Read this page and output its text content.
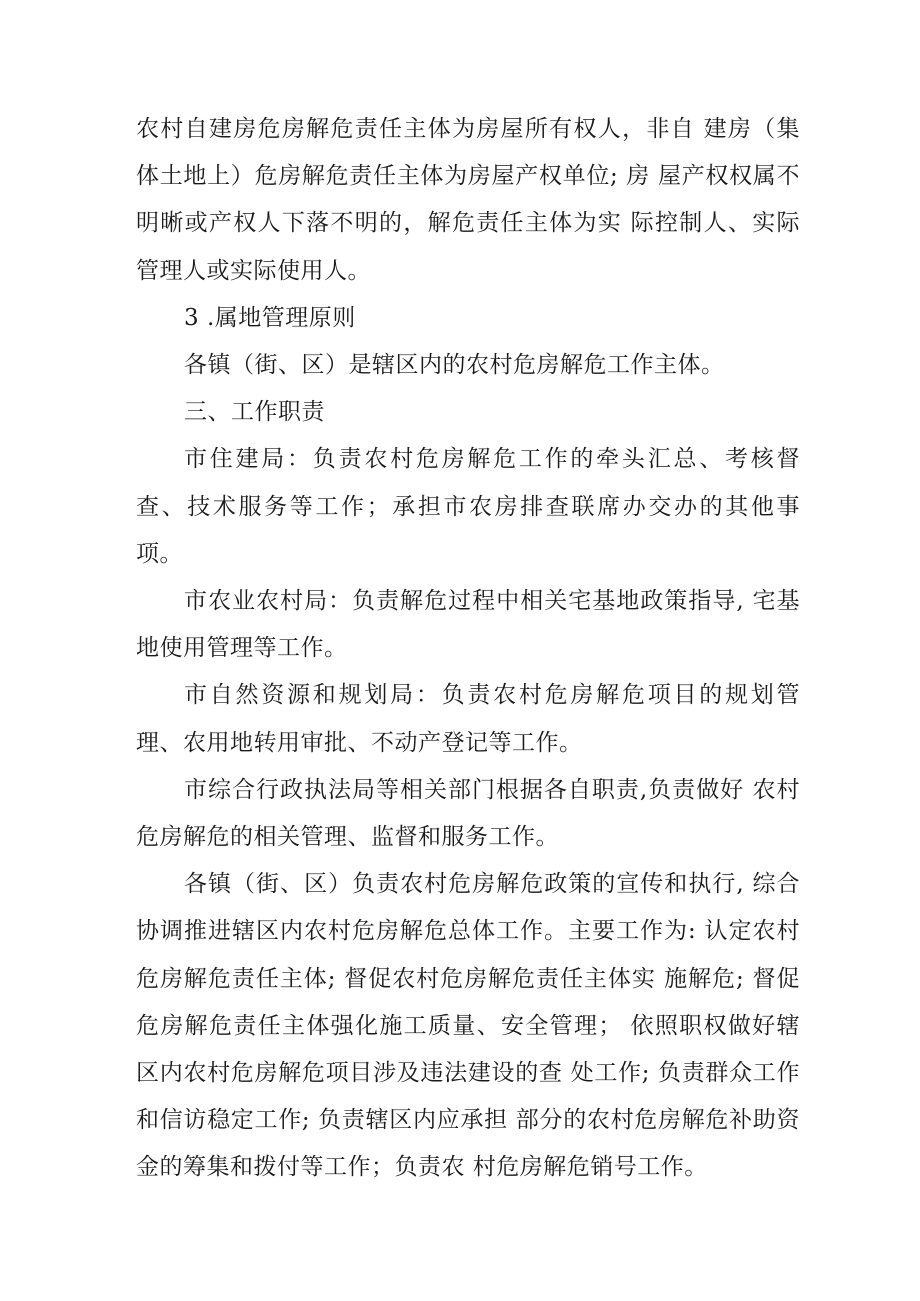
农村自建房危房解危责任主体为房屋所有权人，非自 建房（集体土地上）危房解危责任主体为房屋产权单位; 房 屋产权权属不明晰或产权人下落不明的，解危责任主体为实 际控制人、实际管理人或实际使用人。

3 .属地管理原则

各镇（街、区）是辖区内的农村危房解危工作主体。

三、工作职责

市住建局：负责农村危房解危工作的牵头汇总、考核督　查、技术服务等工作；承担市农房排查联席办交办的其他事 项。

市农业农村局：负责解危过程中相关宅基地政策指导, 宅基地使用管理等工作。

市自然资源和规划局：负责农村危房解危项目的规划管　理、农用地转用审批、不动产登记等工作。

市综合行政执法局等相关部门根据各自职责,负责做好 农村危房解危的相关管理、监督和服务工作。

各镇（街、区）负责农村危房解危政策的宣传和执行, 综合协调推进辖区内农村危房解危总体工作。主要工作为: 认定农村危房解危责任主体; 督促农村危房解危责任主体实 施解危; 督促危房解危责任主体强化施工质量、安全管理； 依照职权做好辖区内农村危房解危项目涉及违法建设的查 处工作; 负责群众工作和信访稳定工作; 负责辖区内应承担 部分的农村危房解危补助资金的筹集和拨付等工作；负责农 村危房解危销号工作。
